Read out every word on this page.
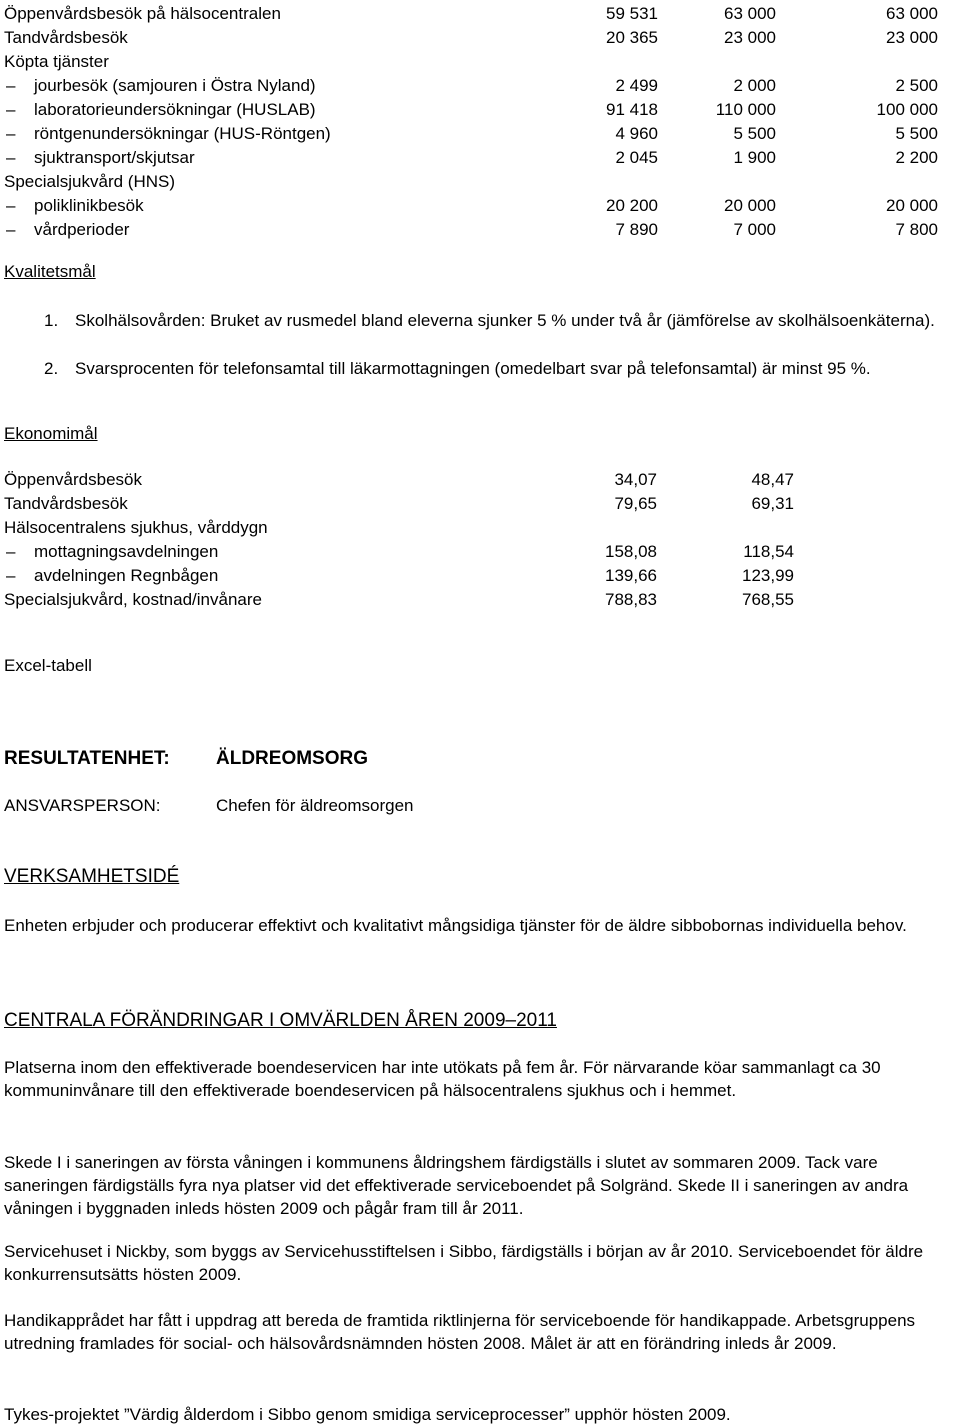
Öppenvårdsbesök på hälsocentralen	59 531	63 000	63 000
Tandvårdsbesök	20 365	23 000	23 000
Köpta tjänster
– jourbesök (samjouren i Östra Nyland)	2 499	2 000	2 500
– laboratorieundersökningar (HUSLAB)	91 418	110 000	100 000
– röntgenundersökningar (HUS-Röntgen)	4 960	5 500	5 500
– sjuktransport/skjutsar	2 045	1 900	2 200
Specialsjukvård (HNS)
– poliklinikbesök	20 200	20 000	20 000
– vårdperioder	7 890	7 000	7 800
Kvalitetsmål
1. Skolhälsovården: Bruket av rusmedel bland eleverna sjunker 5 % under två år (jämförelse av skolhälsoenkäterna).
2. Svarsprocenten för telefonsamtal till läkarmottagningen (omedelbart svar på telefonsamtal) är minst 95 %.
Ekonomimål
Öppenvårdsbesök	34,07	48,47
Tandvårdsbesök	79,65	69,31
Hälsocentralens sjukhus, vårddygn
– mottagningsavdelningen	158,08	118,54
– avdelningen Regnbågen	139,66	123,99
Specialsjukvård, kostnad/invånare	788,83	768,55
Excel-tabell
RESULTATENHET: ÄLDREOMSORG
ANSVARSPERSON:	Chefen för äldreomsorgen
VERKSAMHETSIDÉ
Enheten erbjuder och producerar effektivt och kvalitativt mångsidiga tjänster för de äldre sibbobornas individuella behov.
CENTRALA FÖRÄNDRINGAR I OMVÄRLDEN ÅREN 2009–2011
Platserna inom den effektiverade boendeservicen har inte utökats på fem år. För närvarande köar sammanlagt ca 30 kommuninvånare till den effektiverade boendeservicen på hälsocentralens sjukhus och i hemmet.
Skede I i saneringen av första våningen i kommunens åldringshem färdigställs i slutet av sommaren 2009. Tack vare saneringen färdigställs fyra nya platser vid det effektiverade serviceboendet på Solgränd. Skede II i saneringen av andra våningen i byggnaden inleds hösten 2009 och pågår fram till år 2011.
Servicehuset i Nickby, som byggs av Servicehusstiftelsen i Sibbo, färdigställs i början av år 2010. Serviceboendet för äldre konkurrensutsätts hösten 2009.
Handikapprådet har fått i uppdrag att bereda de framtida riktlinjerna för serviceboende för handikappade. Arbetsgruppens utredning framlades för social- och hälsovårdsnämnden hösten 2008. Målet är att en förändring inleds år 2009.
Tykes-projektet ”Värdig ålderdom i Sibbo genom smidiga serviceprocesser” upphör hösten 2009.
